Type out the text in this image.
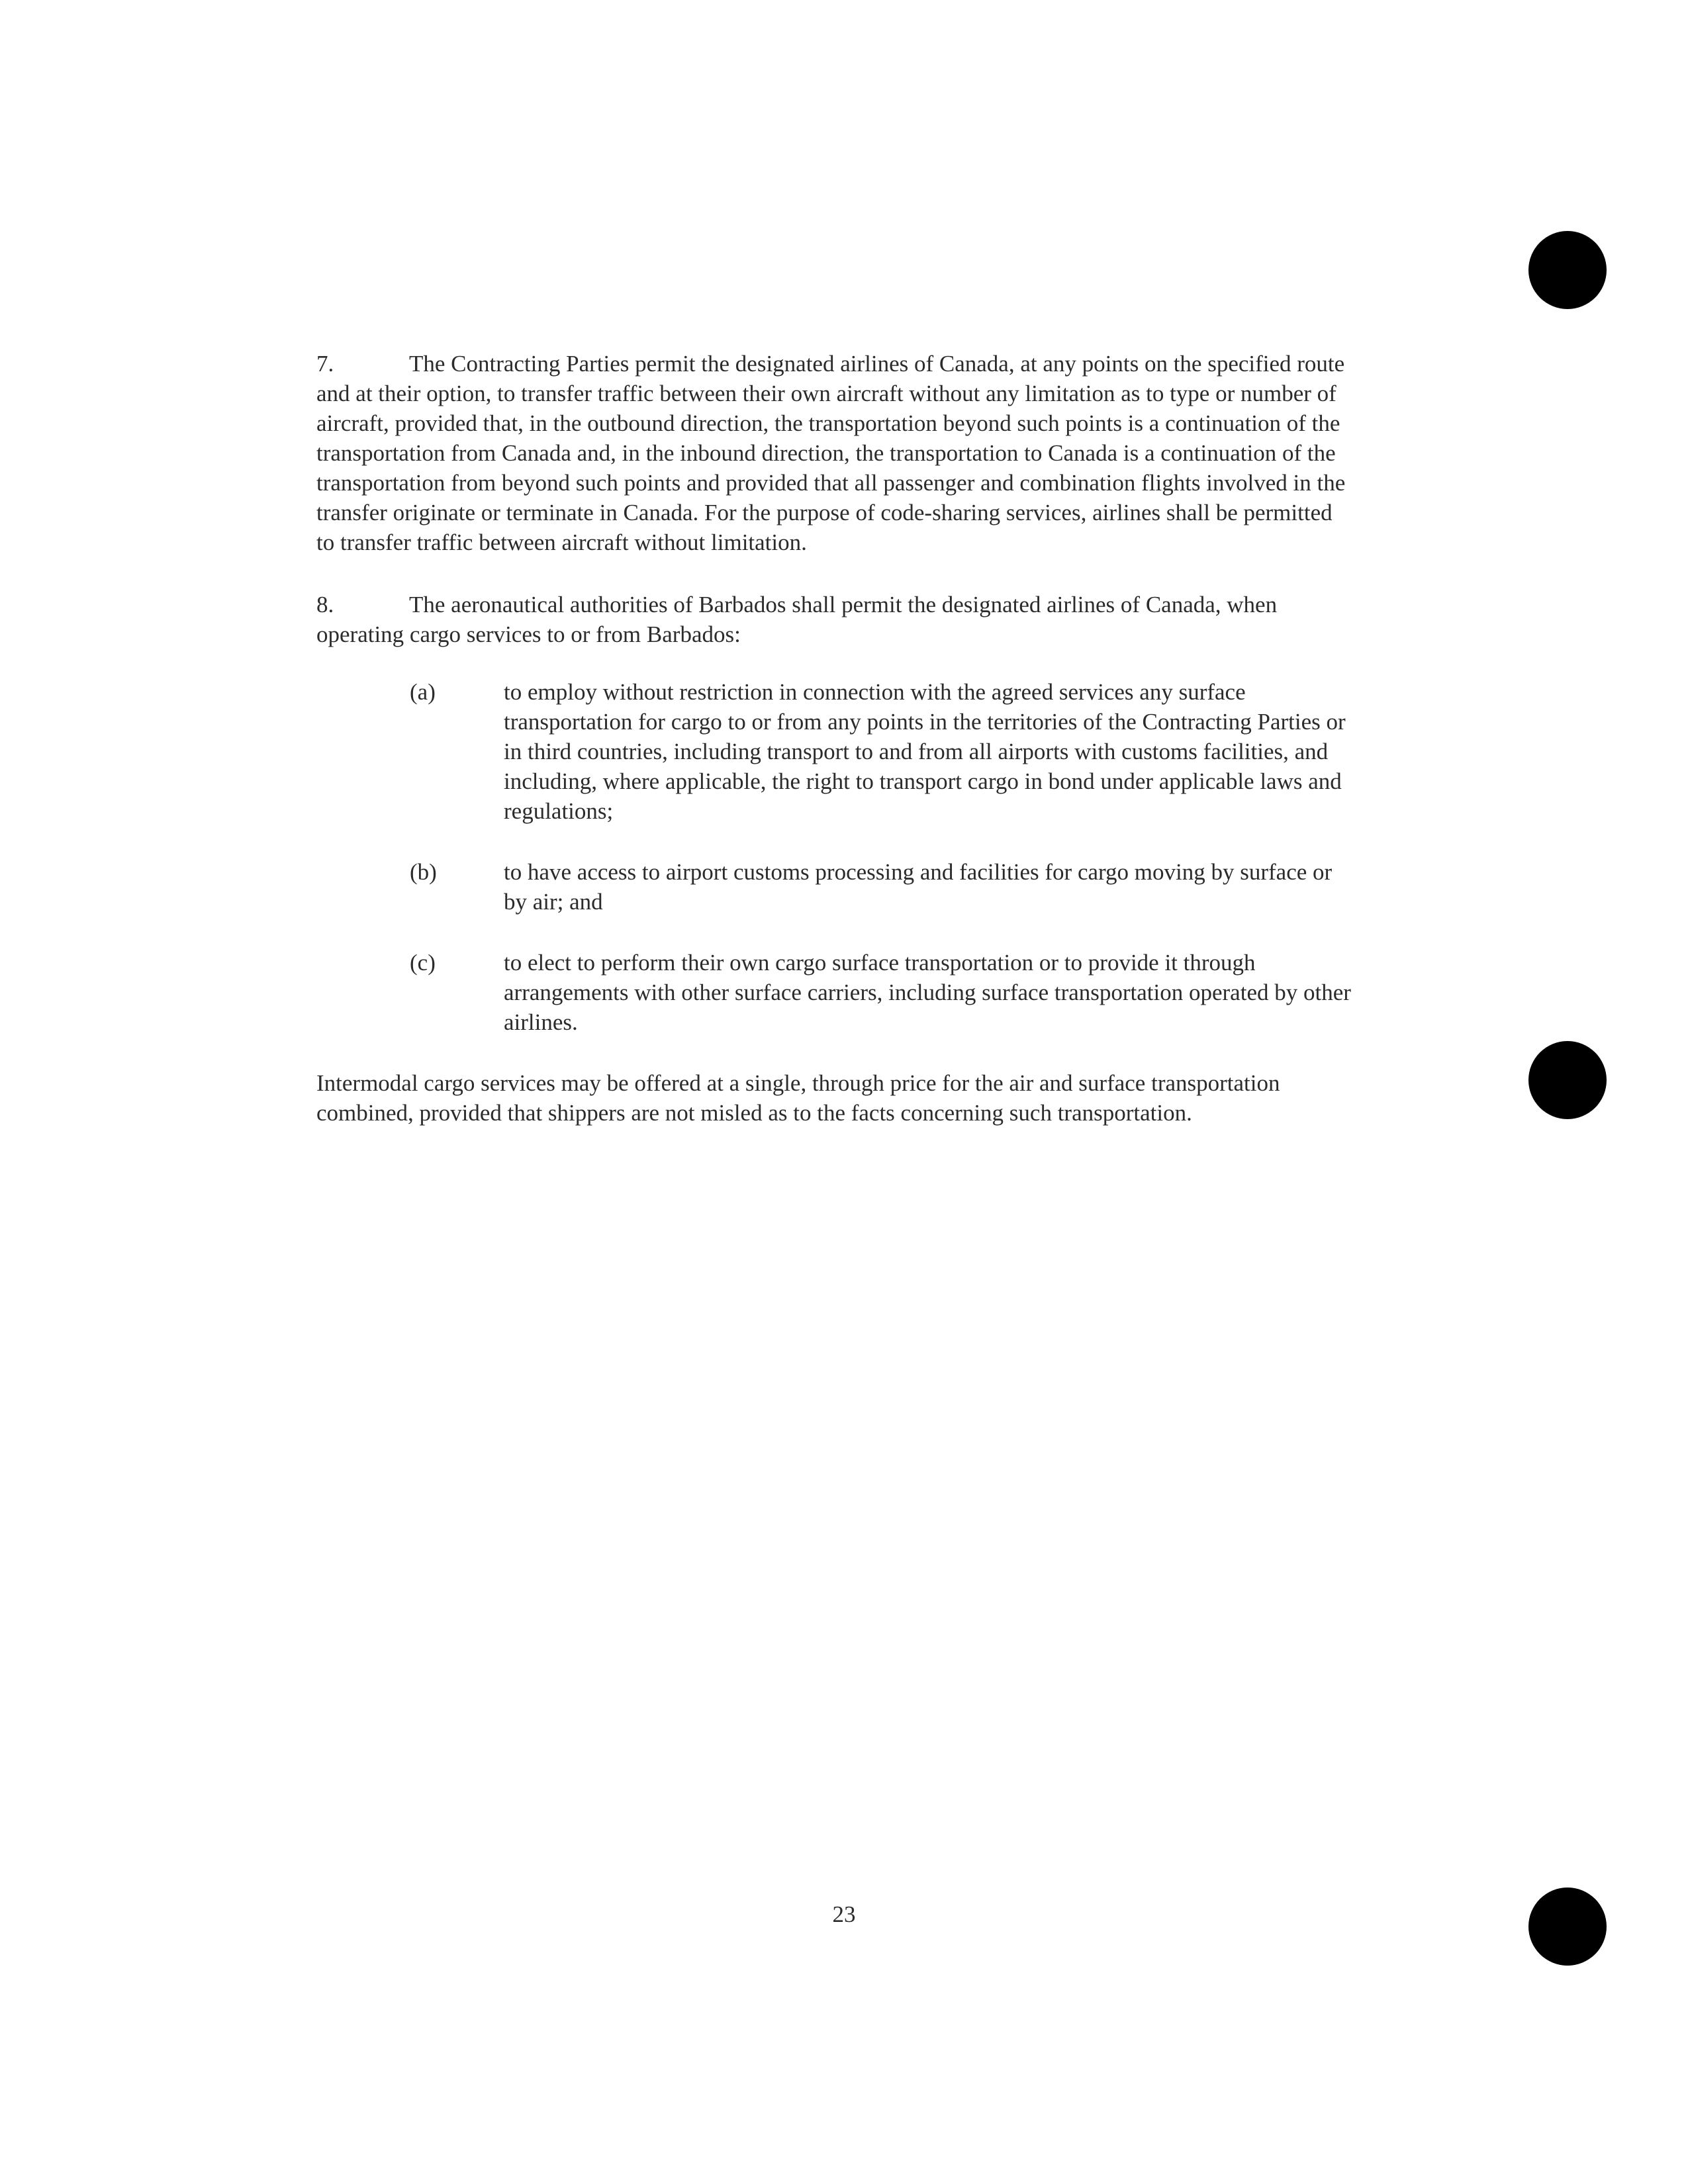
7.	The Contracting Parties permit the designated airlines of Canada, at any points on the specified route and at their option, to transfer traffic between their own aircraft without any limitation as to type or number of aircraft, provided that, in the outbound direction, the transportation beyond such points is a continuation of the transportation from Canada and, in the inbound direction, the transportation to Canada is a continuation of the transportation from beyond such points and provided that all passenger and combination flights involved in the transfer originate or terminate in Canada. For the purpose of code-sharing services, airlines shall be permitted to transfer traffic between aircraft without limitation.

8.	The aeronautical authorities of Barbados shall permit the designated airlines of Canada, when operating cargo services to or from Barbados:

(a)	to employ without restriction in connection with the agreed services any surface transportation for cargo to or from any points in the territories of the Contracting Parties or in third countries, including transport to and from all airports with customs facilities, and including, where applicable, the right to transport cargo in bond under applicable laws and regulations;
(b)	to have access to airport customs processing and facilities for cargo moving by surface or by air; and
(c)	to elect to perform their own cargo surface transportation or to provide it through arrangements with other surface carriers, including surface transportation operated by other airlines.

Intermodal cargo services may be offered at a single, through price for the air and surface transportation combined, provided that shippers are not misled as to the facts concerning such transportation.

23
